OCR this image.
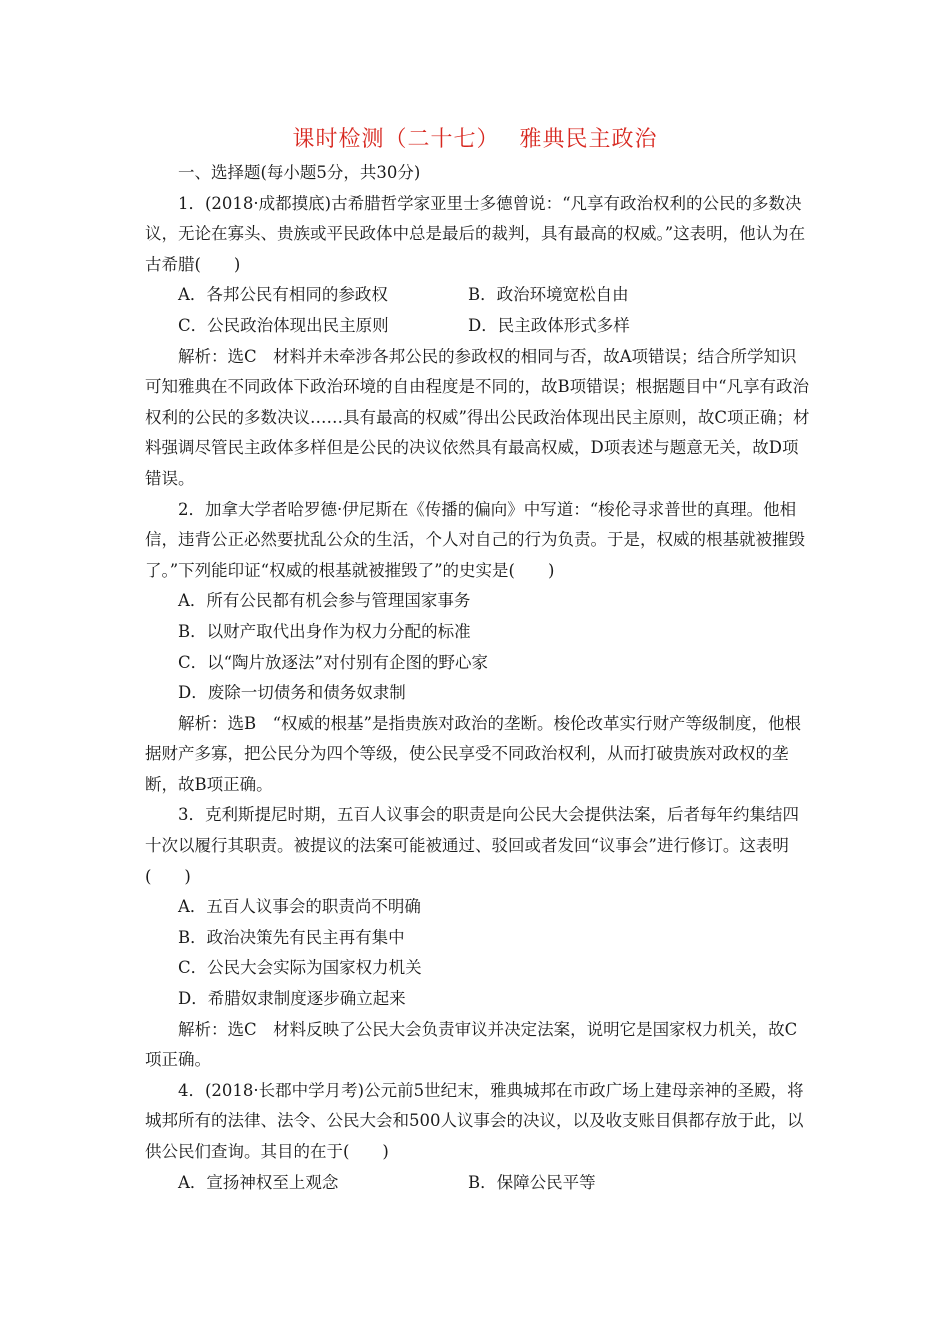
课时检测（二十七） 雅典民主政治

一、选择题(每小题5分，共30分)

1．(2018·成都摸底)古希腊哲学家亚里士多德曾说：“凡享有政治权利的公民的多数决议，无论在寡头、贵族或平民政体中总是最后的裁判，具有最高的权威。”这表明，他认为在古希腊(　　)

A．各邦公民有相同的参政权	B．政治环境宽松自由
C．公民政治体现出民主原则	D．民主政体形式多样

解析：选C　材料并未牵涉各邦公民的参政权的相同与否，故A项错误；结合所学知识可知雅典在不同政体下政治环境的自由程度是不同的，故B项错误；根据题目中“凡享有政治权利的公民的多数决议……具有最高的权威”得出公民政治体现出民主原则，故C项正确；材料强调尽管民主政体多样但是公民的决议依然具有最高权威，D项表述与题意无关，故D项错误。

2．加拿大学者哈罗德·伊尼斯在《传播的偏向》中写道：“梭伦寻求普世的真理。他相信，违背公正必然要扰乱公众的生活，个人对自己的行为负责。于是，权威的根基就被摧毁了。”下列能印证“权威的根基就被摧毁了”的史实是(　　)

A．所有公民都有机会参与管理国家事务

B．以财产取代出身作为权力分配的标准

C．以“陶片放逐法”对付别有企图的野心家

D．废除一切债务和债务奴隶制

解析：选B　“权威的根基”是指贵族对政治的垄断。梭伦改革实行财产等级制度，他根据财产多寡，把公民分为四个等级，使公民享受不同政治权利，从而打破贵族对政权的垄断，故B项正确。

3．克利斯提尼时期，五百人议事会的职责是向公民大会提供法案，后者每年约集结四十次以履行其职责。被提议的法案可能被通过、驳回或者发回“议事会”进行修订。这表明(　　)

A．五百人议事会的职责尚不明确

B．政治决策先有民主再有集中

C．公民大会实际为国家权力机关

D．希腊奴隶制度逐步确立起来

解析：选C　材料反映了公民大会负责审议并决定法案，说明它是国家权力机关，故C项正确。

4．(2018·长郡中学月考)公元前5世纪末，雅典城邦在市政广场上建母亲神的圣殿，将城邦所有的法律、法令、公民大会和500人议事会的决议，以及收支账目俱都存放于此，以供公民们查询。其目的在于(　　)

A．宣扬神权至上观念	B．保障公民平等
